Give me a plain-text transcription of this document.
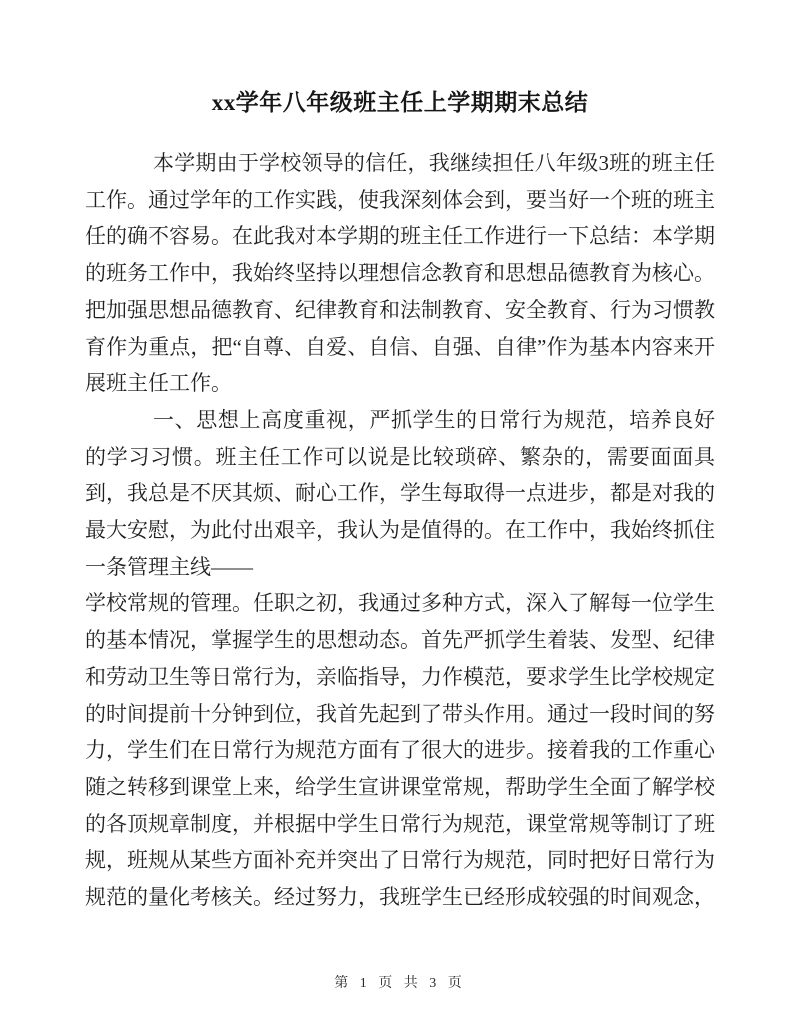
xx学年八年级班主任上学期期末总结

本学期由于学校领导的信任，我继续担任八年级3班的班主任工作。通过学年的工作实践，使我深刻体会到，要当好一个班的班主任的确不容易。在此我对本学期的班主任工作进行一下总结：本学期的班务工作中，我始终坚持以理想信念教育和思想品德教育为核心。把加强思想品德教育、纪律教育和法制教育、安全教育、行为习惯教育作为重点，把“自尊、自爱、自信、自强、自律”作为基本内容来开展班主任工作。

一、思想上高度重视，严抓学生的日常行为规范，培养良好的学习习惯。班主任工作可以说是比较琐碎、繁杂的，需要面面具到，我总是不厌其烦、耐心工作，学生每取得一点进步，都是对我的最大安慰，为此付出艰辛，我认为是值得的。在工作中，我始终抓住一条管理主线——

学校常规的管理。任职之初，我通过多种方式，深入了解每一位学生的基本情况，掌握学生的思想动态。首先严抓学生着装、发型、纪律和劳动卫生等日常行为，亲临指导，力作模范，要求学生比学校规定的时间提前十分钟到位，我首先起到了带头作用。通过一段时间的努力，学生们在日常行为规范方面有了很大的进步。接着我的工作重心随之转移到课堂上来，给学生宣讲课堂常规，帮助学生全面了解学校的各顶规章制度，并根据中学生日常行为规范，课堂常规等制订了班规，班规从某些方面补充并突出了日常行为规范，同时把好日常行为规范的量化考核关。经过努力，我班学生已经形成较强的时间观念，

第 1 页 共 3 页
